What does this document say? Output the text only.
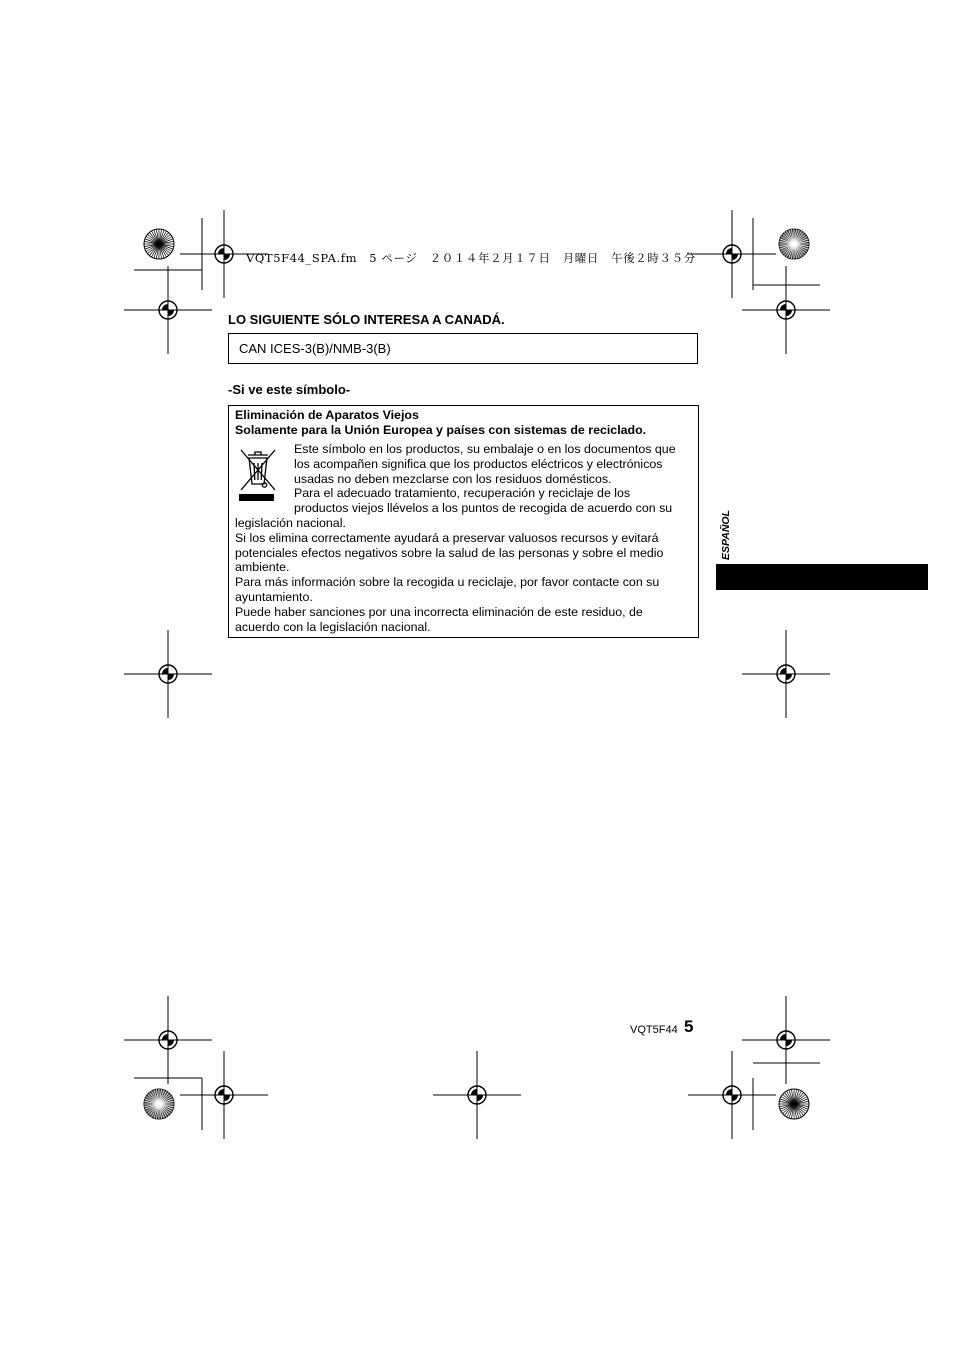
VQT5F44_SPA.fm　5 ページ　２０１４年２月１７日　月曜日　午後２時３５分
LO SIGUIENTE SÓLO INTERESA A CANADÁ.
CAN ICES-3(B)/NMB-3(B)
-Si ve este símbolo-
Eliminación de Aparatos Viejos
Solamente para la Unión Europea y países con sistemas de reciclado.
Este símbolo en los productos, su embalaje o en los documentos que
los acompañen significa que los productos eléctricos y electrónicos
usadas no deben mezclarse con los residuos domésticos.
Para el adecuado tratamiento, recuperación y reciclaje de los
productos viejos llévelos a los puntos de recogida de acuerdo con su
legislación nacional.
Si los elimina correctamente ayudará a preservar valuosos recursos y evitará
potenciales efectos negativos sobre la salud de las personas y sobre el medio
ambiente.
Para más información sobre la recogida u reciclaje, por favor contacte con su
ayuntamiento.
Puede haber sanciones por una incorrecta eliminación de este residuo, de
acuerdo con la legislación nacional.
ESPAÑOL
VQT5F44 5
